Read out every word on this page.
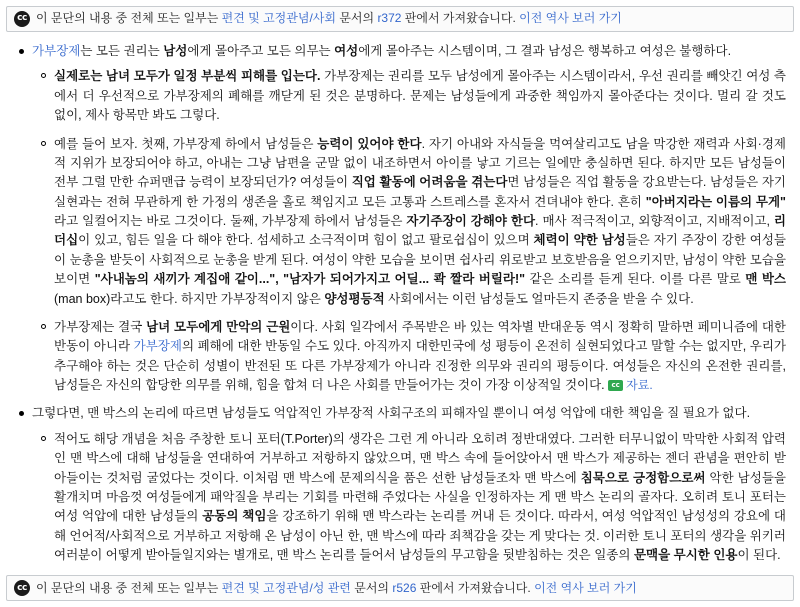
cc 이 문단의 내용 중 전체 또는 일부는 편견 및 고정관념/사회 문서의 r372 판에서 가져왔습니다. 이전 역사 보러 가기
가부장제는 모든 권리는 남성에게 몰아주고 모든 의무는 여성에게 몰아주는 시스템이며, 그 결과 남성은 행복하고 여성은 불행하다.
실제로는 남녀 모두가 일정 부분씩 피해를 입는다. 가부장제는 권리를 모두 남성에게 몰아주는 시스템이라서, 우선 권리를 빼앗긴 여성 측에서 더 우선적으로 가부장제의 폐해를 깨닫게 된 것은 분명하다. 문제는 남성들에게 과중한 책임까지 몰아준다는 것이다. 멀리 갈 것도 없이, 제사 항목만 봐도 그렇다.
예를 들어 보자. 첫째, 가부장제 하에서 남성들은 능력이 있어야 한다. 자기 아내와 자식들을 먹여살리고도 남을 막강한 재력과 사회·경제적 지위가 보장되어야 하고, 아내는 그냥 남편을 군말 없이 내조하면서 아이를 낳고 기르는 일에만 충실하면 된다. 하지만 모든 남성들이 전부 그럴 만한 슈퍼맨급 능력이 보장되던가? 여성들이 직업 활동에 어려움을 겪는다면 남성들은 직업 활동을 강요받는다. 남성들은 자기 실현과는 전혀 무관하게 한 가정의 생존을 홀로 책임지고 모든 고통과 스트레스를 혼자서 견뎌내야 한다. 흔히 "아버지라는 이름의 무게" 라고 일컬어지는 바로 그것이다. 둘째, 가부장제 하에서 남성들은 자기주장이 강해야 한다. 매사 적극적이고, 외향적이고, 지배적이고, 리더십이 있고, 힘든 일을 다 해야 한다. 섬세하고 소극적이며 힘이 없고 팔로쉽십이 있으며 체력이 약한 남성들은 자기 주장이 강한 여성들이 눈총을 받듯이 사회적으로 눈총을 받게 된다. 여성이 약한 모습을 보이면 쉽사리 위로받고 보호받음을 얻으키지만, 남성이 약한 모습을 보이면 "사내놈의 새끼가 계집애 같이...", "남자가 되어가지고 어딜... 콱 짤라 버릴라!" 같은 소리를 듣게 된다. 이를 다른 말로 맨 박스(man box)라고도 한다. 하지만 가부장적이지 않은 양성평등적 사회에서는 이런 남성들도 얼마든지 존중을 받을 수 있다.
가부장제는 결국 남녀 모두에게 만악의 근원이다. 사회 일각에서 주목받은 바 있는 역차별 반대운동 역시 정확히 말하면 페미니즘에 대한 반동이 아니라 가부장제의 폐해에 대한 반동일 수도 있다. 아직까지 대한민국에 성 평등이 온전히 실현되었다고 말할 수는 없지만, 우리가 추구해야 하는 것은 단순히 성별이 반전된 또 다른 가부장제가 아니라 진정한 의무와 권리의 평등이다. 여성들은 자신의 온전한 권리를, 남성들은 자신의 합당한 의무를 위해, 힘을 합쳐 더 나은 사회를 만들어가는 것이 가장 이상적일 것이다. cc 자료.
그렇다면, 맨 박스의 논리에 따르면 남성들도 억압적인 가부장적 사회구조의 피해자일 뿐이니 여성 억압에 대한 책임을 질 필요가 없다.
적어도 해당 개념을 처음 주창한 토니 포터(T.Porter)의 생각은 그런 게 아니라 오히려 정반대였다. 그러한 터무니없이 막막한 사회적 압력인 맨 박스에 대해 남성들을 연대하여 거부하고 저항하지 않았으며, 맨 박스 속에 들어앉아서 맨 박스가 제공하는 젠더 관념을 편안히 받아들이는 것처럼 굴었다는 것이다. 이처럼 맨 박스에 문제의식을 품은 선한 남성들조차 맨 박스에 침묵으로 긍정함으로써 악한 남성들을 활개치며 마음껏 여성들에게 패악질을 부리는 기회를 마련해 주었다는 사실을 인정하자는 게 맨 박스 논리의 골자다. 오히려 토니 포터는 여성 억압에 대한 남성들의 공동의 책임을 강조하기 위해 맨 박스라는 논리를 꺼내 든 것이다. 따라서, 여성 억압적인 남성성의 강요에 대해 언어적/사회적으로 거부하고 저항해 온 남성이 아닌 한, 맨 박스에 따라 죄책감을 갖는 게 맞다는 것. 이러한 토니 포터의 생각을 위키러 여러분이 어떻게 받아들일지와는 별개로, 맨 박스 논리를 들어서 남성들의 무고함을 뒷받침하는 것은 일종의 문맥을 무시한 인용이 된다.
cc 이 문단의 내용 중 전체 또는 일부는 편견 및 고정관념/성 관련 문서의 r526 판에서 가져왔습니다. 이전 역사 보러 가기
